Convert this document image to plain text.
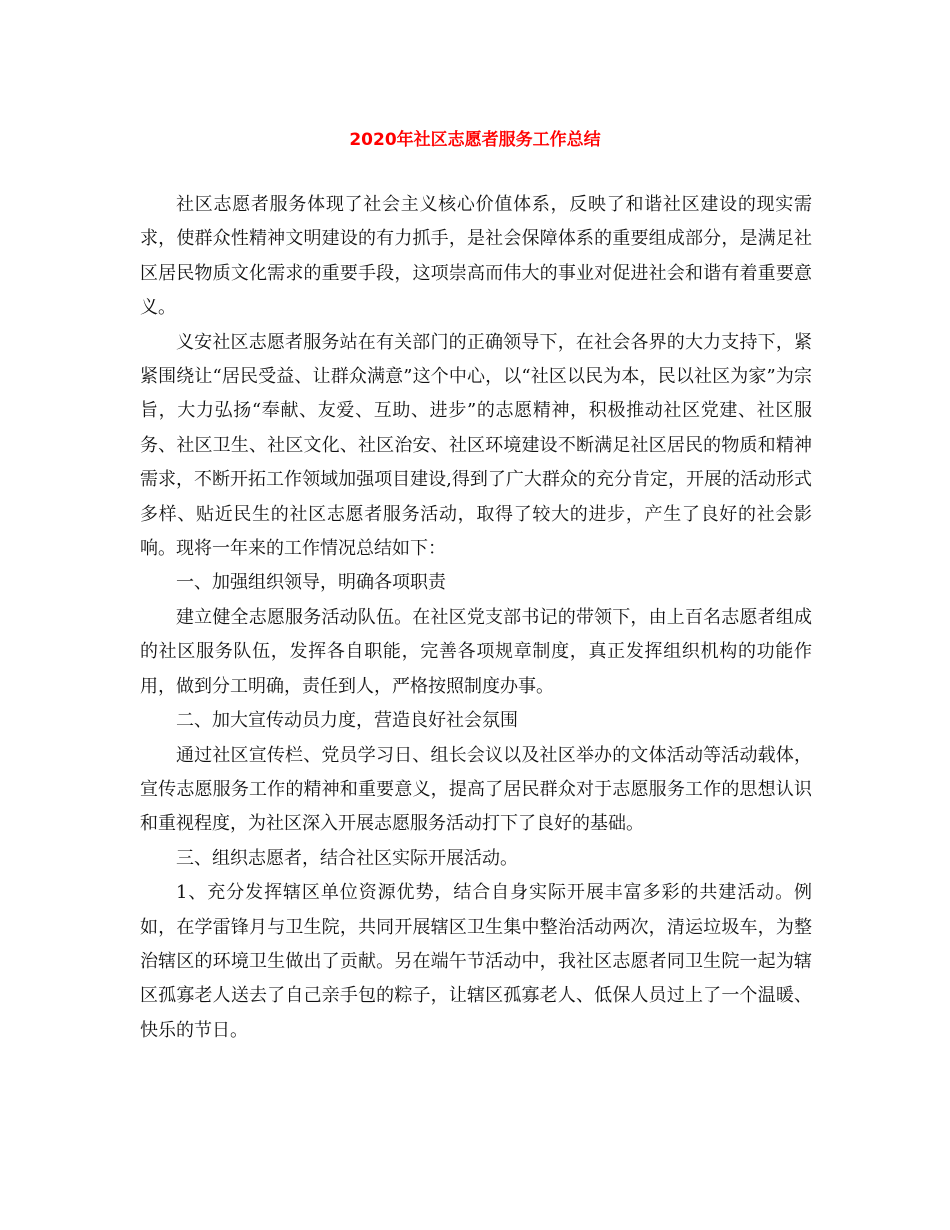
2020年社区志愿者服务工作总结

社区志愿者服务体现了社会主义核心价值体系，反映了和谐社区建设的现实需求，使群众性精神文明建设的有力抓手，是社会保障体系的重要组成部分，是满足社区居民物质文化需求的重要手段，这项崇高而伟大的事业对促进社会和谐有着重要意义。

义安社区志愿者服务站在有关部门的正确领导下，在社会各界的大力支持下，紧紧围绕让“居民受益、让群众满意”这个中心，以“社区以民为本，民以社区为家”为宗旨，大力弘扬“奉献、友爱、互助、进步”的志愿精神，积极推动社区党建、社区服务、社区卫生、社区文化、社区治安、社区环境建设不断满足社区居民的物质和精神需求，不断开拓工作领域加强项目建设,得到了广大群众的充分肯定，开展的活动形式多样、贴近民生的社区志愿者服务活动，取得了较大的进步，产生了良好的社会影响。现将一年来的工作情况总结如下：

一、加强组织领导，明确各项职责

建立健全志愿服务活动队伍。在社区党支部书记的带领下，由上百名志愿者组成的社区服务队伍，发挥各自职能，完善各项规章制度，真正发挥组织机构的功能作用，做到分工明确，责任到人，严格按照制度办事。

二、加大宣传动员力度，营造良好社会氛围

通过社区宣传栏、党员学习日、组长会议以及社区举办的文体活动等活动载体，宣传志愿服务工作的精神和重要意义，提高了居民群众对于志愿服务工作的思想认识和重视程度，为社区深入开展志愿服务活动打下了良好的基础。

三、组织志愿者，结合社区实际开展活动。

1、充分发挥辖区单位资源优势，结合自身实际开展丰富多彩的共建活动。例如，在学雷锋月与卫生院，共同开展辖区卫生集中整治活动两次，清运垃圾车，为整治辖区的环境卫生做出了贡献。另在端午节活动中，我社区志愿者同卫生院一起为辖区孤寡老人送去了自己亲手包的粽子，让辖区孤寡老人、低保人员过上了一个温暖、快乐的节日。
